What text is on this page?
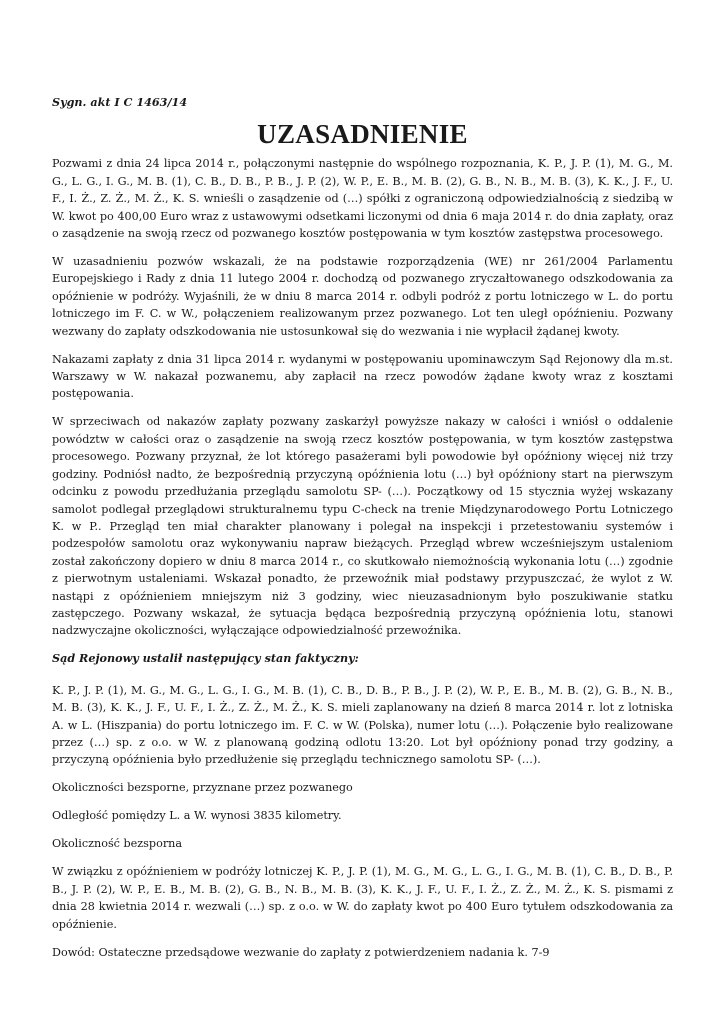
Sygn. akt I C 1463/14

UZASADNIENIE

Pozwami z dnia 24 lipca 2014 r., połączonymi następnie do wspólnego rozpoznania, K. P., J. P. (1), M. G., M. G., L. G., I. G., M. B. (1), C. B., D. B., P. B., J. P. (2), W. P., E. B., M. B. (2), G. B., N. B., M. B. (3), K. K., J. F., U. F., I. Ż., Z. Ż., M. Ż., K. S. wnieśli o zasądzenie od (…) spółki z ograniczoną odpowiedzialnością z siedzibą w W. kwot po 400,00 Euro wraz z ustawowymi odsetkami liczonymi od dnia 6 maja 2014 r. do dnia zapłaty, oraz o zasądzenie na swoją rzecz od pozwanego kosztów postępowania w tym kosztów zastępstwa procesowego.

W uzasadnieniu pozwów wskazali, że na podstawie rozporządzenia (WE) nr 261/2004 Parlamentu Europejskiego i Rady z dnia 11 lutego 2004 r. dochodzą od pozwanego zryczałtowanego odszkodowania za opóźnienie w podróży. Wyjaśnili, że w dniu 8 marca 2014 r. odbyli podróż z portu lotniczego w L. do portu lotniczego im F. C. w W., połączeniem realizowanym przez pozwanego. Lot ten uległ opóźnieniu. Pozwany wezwany do zapłaty odszkodowania nie ustosunkował się do wezwania i nie wypłacił żądanej kwoty.

Nakazami zapłaty z dnia 31 lipca 2014 r. wydanymi w postępowaniu upominawczym Sąd Rejonowy dla m.st. Warszawy w W. nakazał pozwanemu, aby zapłacił na rzecz powodów żądane kwoty wraz z kosztami postępowania.

W sprzeciwach od nakazów zapłaty pozwany zaskarżył powyższe nakazy w całości i wniósł o oddalenie powództw w całości oraz o zasądzenie na swoją rzecz kosztów postępowania, w tym kosztów zastępstwa procesowego. Pozwany przyznał, że lot którego pasażerami byli powodowie był opóźniony więcej niż trzy godziny. Podniósł nadto, że bezpośrednią przyczyną opóźnienia lotu (…) był opóźniony start na pierwszym odcinku z powodu przedłużania przeglądu samolotu SP- (…). Początkowy od 15 stycznia wyżej wskazany samolot podlegał przeglądowi strukturalnemu typu C-check na trenie Międzynarodowego Portu Lotniczego K. w P.. Przegląd ten miał charakter planowany i polegał na inspekcji i przetestowaniu systemów i podzespołów samolotu oraz wykonywaniu napraw bieżących. Przegląd wbrew wcześniejszym ustaleniom został zakończony dopiero w dniu 8 marca 2014 r., co skutkowało niemożnością wykonania lotu (…) zgodnie z pierwotnym ustaleniami. Wskazał ponadto, że przewoźnik miał podstawy przypuszczać, że wylot z W. nastąpi z opóźnieniem mniejszym niż 3 godziny, wiec nieuzasadnionym było poszukiwanie statku zastępczego. Pozwany wskazał, że sytuacja będąca bezpośrednią przyczyną opóźnienia lotu, stanowi nadzwyczajne okoliczności, wyłączające odpowiedzialność przewoźnika.

Sąd Rejonowy ustalił następujący stan faktyczny:

K. P., J. P. (1), M. G., M. G., L. G., I. G., M. B. (1), C. B., D. B., P. B., J. P. (2), W. P., E. B., M. B. (2), G. B., N. B., M. B. (3), K. K., J. F., U. F., I. Ż., Z. Ż., M. Ż., K. S. mieli zaplanowany na dzień 8 marca 2014 r. lot z lotniska A. w L. (Hiszpania) do portu lotniczego im. F. C. w W. (Polska), numer lotu (…). Połączenie było realizowane przez (…) sp. z o.o. w W. z planowaną godziną odlotu 13:20. Lot był opóźniony ponad trzy godziny, a przyczyną opóźnienia było przedłużenie się przeglądu technicznego samolotu SP- (…).

Okoliczności bezsporne, przyznane przez pozwanego

Odległość pomiędzy L. a W. wynosi 3835 kilometry.

Okoliczność bezsporna

W związku z opóźnieniem w podróży lotniczej K. P., J. P. (1), M. G., M. G., L. G., I. G., M. B. (1), C. B., D. B., P. B., J. P. (2), W. P., E. B., M. B. (2), G. B., N. B., M. B. (3), K. K., J. F., U. F., I. Ż., Z. Ż., M. Ż., K. S. pismami z dnia 28 kwietnia 2014 r. wezwali (…) sp. z o.o. w W. do zapłaty kwot po 400 Euro tytułem odszkodowania za opóźnienie.

Dowód: Ostateczne przedsądowe wezwanie do zapłaty z potwierdzeniem nadania k. 7-9
